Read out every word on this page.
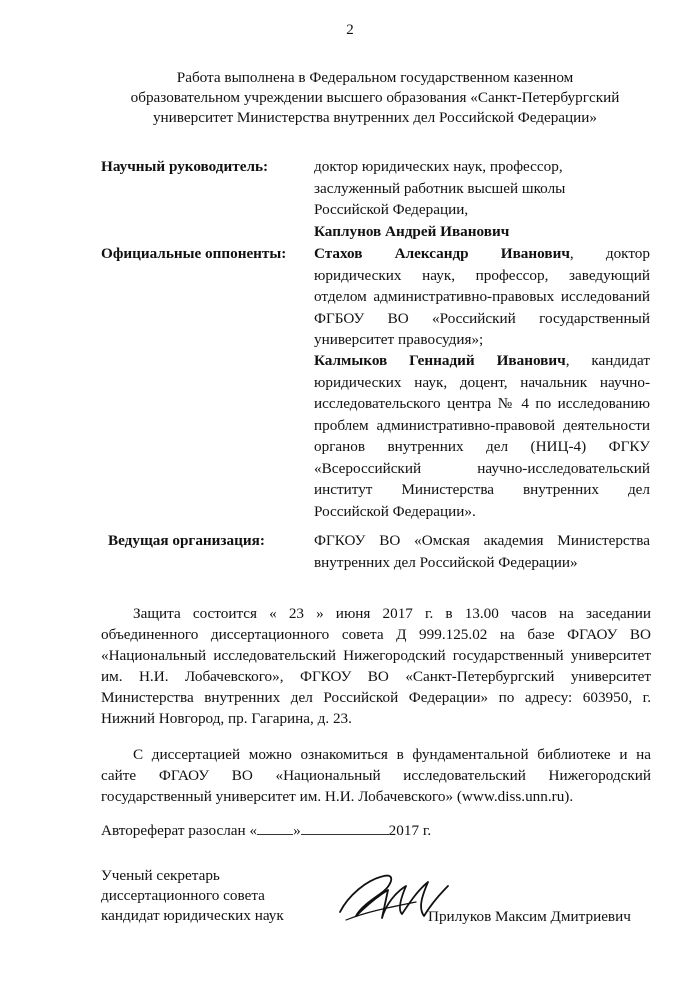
2
Работа выполнена в Федеральном государственном казенном
образовательном учреждении высшего образования «Санкт-Петербургский
университет Министерства внутренних дел Российской Федерации»
Научный руководитель:	доктор юридических наук, профессор,

заслуженный работник высшей школы

Российской Федерации,

Каплунов Андрей Иванович

Официальные оппоненты: Стахов Александр Иванович, доктор юридических наук, профессор, заведующий отделом административно-правовых исследований ФГБОУ ВО «Российский государственный университет правосудия»;
Калмыков Геннадий Иванович, кандидат юридических наук, доцент, начальник научно-исследовательского центра № 4 по исследованию проблем административно-правовой деятельности органов внутренних дел (НИЦ-4) ФГКУ «Всероссийский научно-исследовательский институт Министерства внутренних дел Российской Федерации».
Ведущая организация:	ФГКОУ ВО «Омская академия Министерства внутренних дел Российской Федерации»
Защита состоится « 23 » июня 2017 г. в 13.00 часов на заседании объединенного диссертационного совета Д 999.125.02 на базе ФГАОУ ВО «Национальный исследовательский Нижегородский государственный университет им. Н.И. Лобачевского», ФГКОУ ВО «Санкт-Петербургский университет Министерства внутренних дел Российской Федерации» по адресу: 603950, г. Нижний Новгород, пр. Гагарина, д. 23.
С диссертацией можно ознакомиться в фундаментальной библиотеке и на сайте ФГАОУ ВО «Национальный исследовательский Нижегородский государственный университет им. Н.И. Лобачевского» (www.diss.unn.ru).
Автореферат разослан « »	2017 г.
Ученый секретарь
диссертационного совета
кандидат юридических наук	Прилуков Максим Дмитриевич
